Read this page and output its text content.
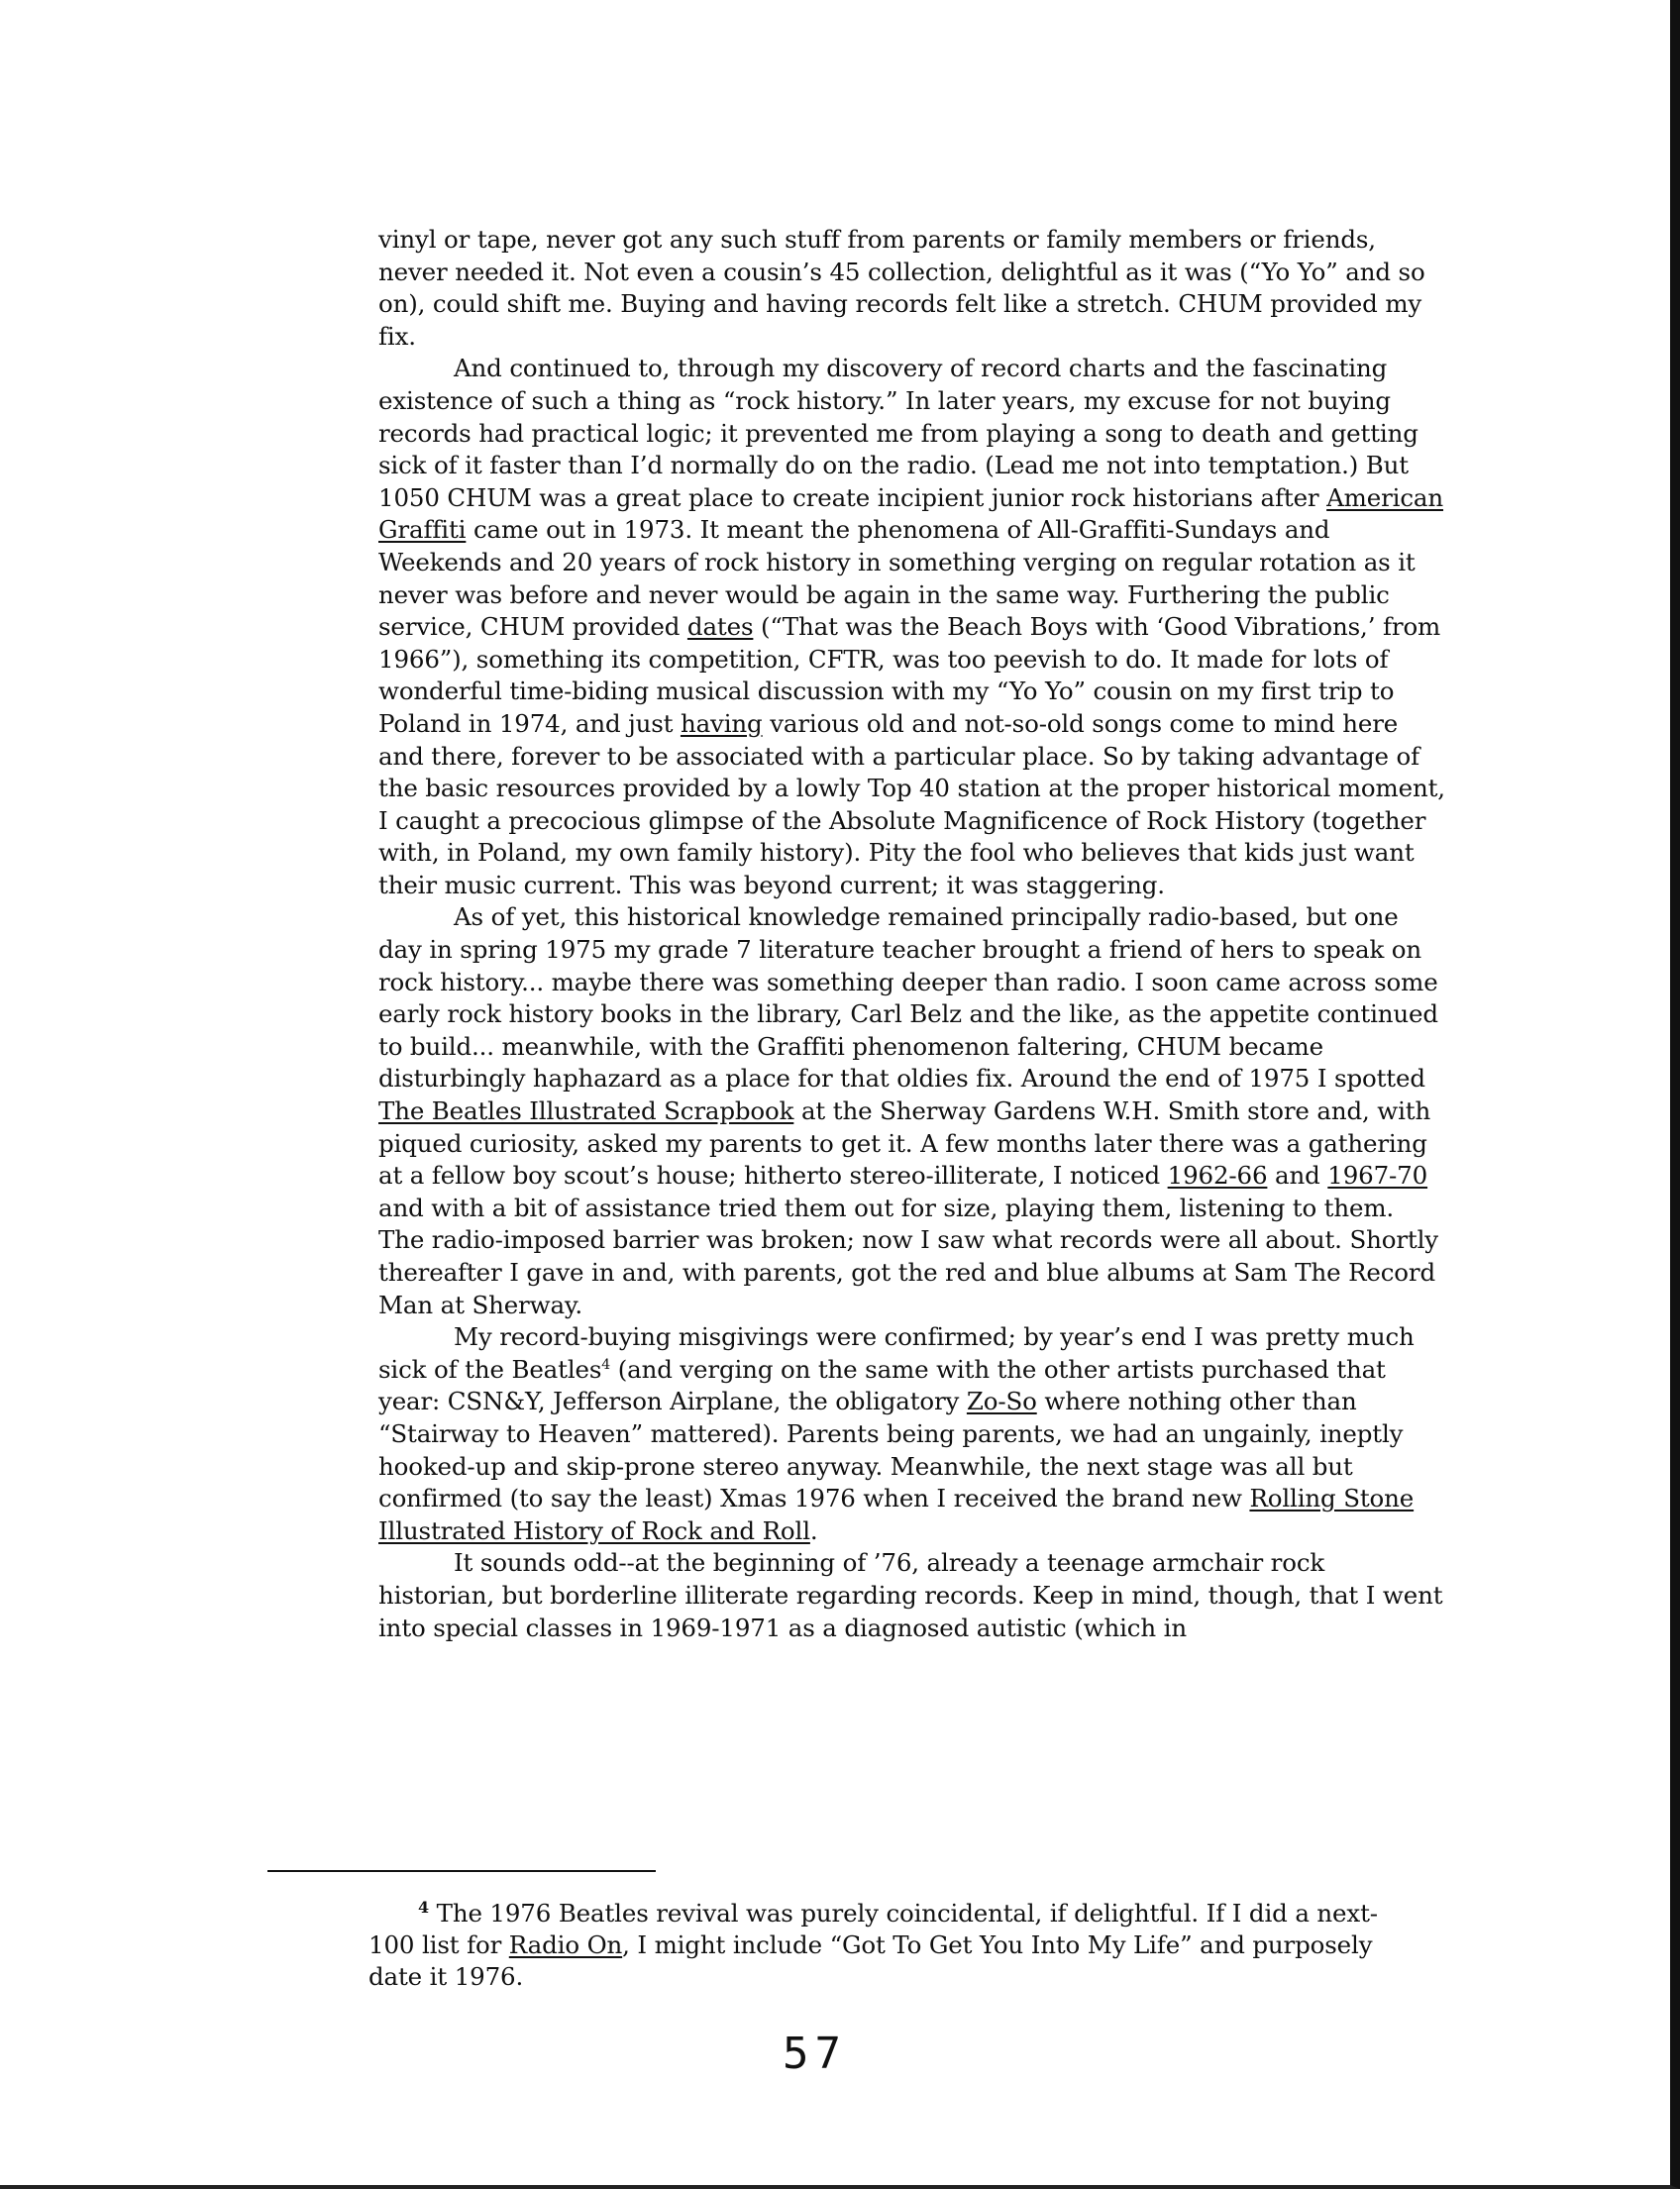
vinyl or tape, never got any such stuff from parents or family members or friends, never needed it. Not even a cousin’s 45 collection, delightful as it was (“Yo Yo” and so on), could shift me. Buying and having records felt like a stretch. CHUM provided my fix.

And continued to, through my discovery of record charts and the fascinating existence of such a thing as “rock history.” In later years, my excuse for not buying records had practical logic; it prevented me from playing a song to death and getting sick of it faster than I’d normally do on the radio. (Lead me not into temptation.) But 1050 CHUM was a great place to create incipient junior rock historians after American Graffiti came out in 1973. It meant the phenomena of All-Graffiti-Sundays and Weekends and 20 years of rock history in something verging on regular rotation as it never was before and never would be again in the same way. Furthering the public service, CHUM provided dates (“That was the Beach Boys with ‘Good Vibrations,’ from 1966”), something its competition, CFTR, was too peevish to do. It made for lots of wonderful time-biding musical discussion with my “Yo Yo” cousin on my first trip to Poland in 1974, and just having various old and not-so-old songs come to mind here and there, forever to be associated with a particular place. So by taking advantage of the basic resources provided by a lowly Top 40 station at the proper historical moment, I caught a precocious glimpse of the Absolute Magnificence of Rock History (together with, in Poland, my own family history). Pity the fool who believes that kids just want their music current. This was beyond current; it was staggering.

As of yet, this historical knowledge remained principally radio-based, but one day in spring 1975 my grade 7 literature teacher brought a friend of hers to speak on rock history... maybe there was something deeper than radio. I soon came across some early rock history books in the library, Carl Belz and the like, as the appetite continued to build... meanwhile, with the Graffiti phenomenon faltering, CHUM became disturbingly haphazard as a place for that oldies fix. Around the end of 1975 I spotted The Beatles Illustrated Scrapbook at the Sherway Gardens W.H. Smith store and, with piqued curiosity, asked my parents to get it. A few months later there was a gathering at a fellow boy scout’s house; hitherto stereo-illiterate, I noticed 1962-66 and 1967-70 and with a bit of assistance tried them out for size, playing them, listening to them. The radio-imposed barrier was broken; now I saw what records were all about. Shortly thereafter I gave in and, with parents, got the red and blue albums at Sam The Record Man at Sherway.

My record-buying misgivings were confirmed; by year’s end I was pretty much sick of the Beatles$^4$ (and verging on the same with the other artists purchased that year: CSN&Y, Jefferson Airplane, the obligatory Zo-So where nothing other than “Stairway to Heaven” mattered). Parents being parents, we had an ungainly, ineptly hooked-up and skip-prone stereo anyway. Meanwhile, the next stage was all but confirmed (to say the least) Xmas 1976 when I received the brand new Rolling Stone Illustrated History of Rock and Roll.

It sounds odd--at the beginning of ’76, already a teenage armchair rock historian, but borderline illiterate regarding records. Keep in mind, though, that I went into special classes in 1969-1971 as a diagnosed autistic (which in

$^4$ The 1976 Beatles revival was purely coincidental, if delightful. If I did a next-100 list for Radio On, I might include “Got To Get You Into My Life” and purposely date it 1976.

57
